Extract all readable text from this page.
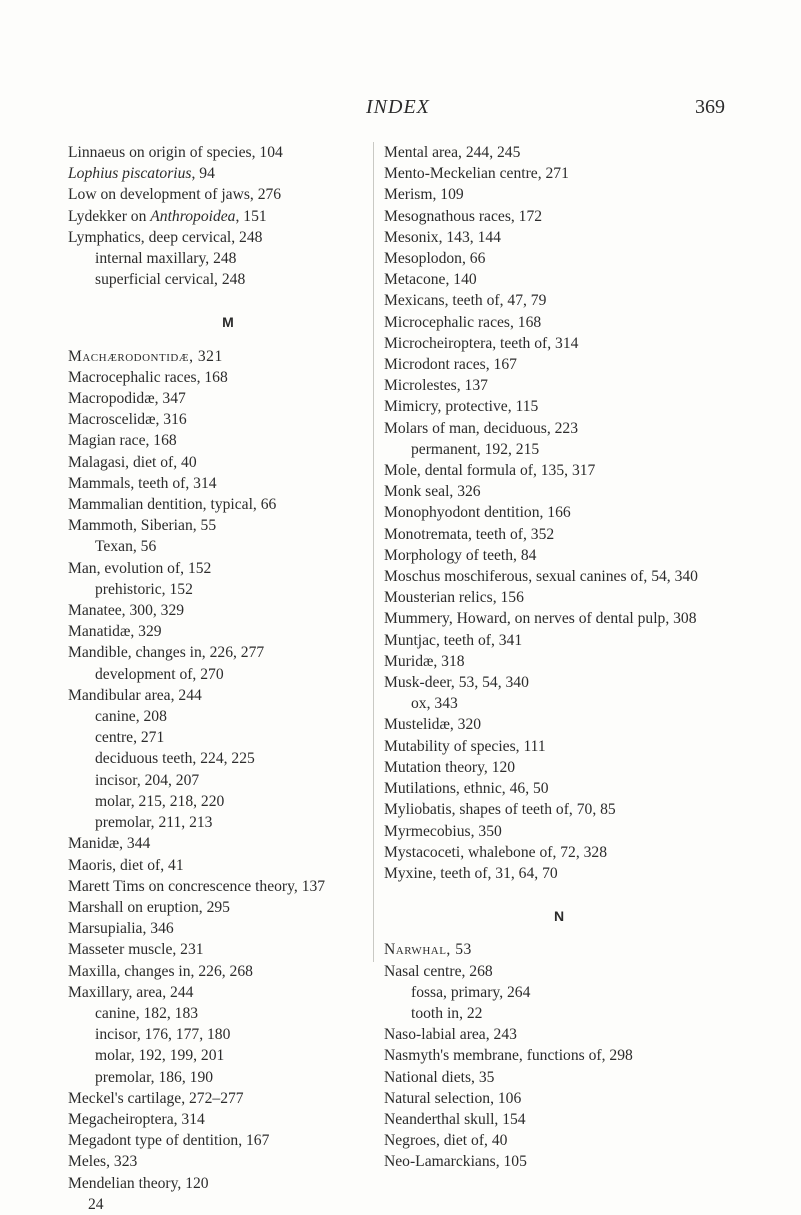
INDEX	369
Linnaeus on origin of species, 104
Lophius piscatorius, 94
Low on development of jaws, 276
Lydekker on Anthropoidea, 151
Lymphatics, deep cervical, 248
internal maxillary, 248
superficial cervical, 248
M
Machærodontidæ, 321
Macrocephalic races, 168
Macropodidæ, 347
Macroscelidæ, 316
Magian race, 168
Malagasi, diet of, 40
Mammals, teeth of, 314
Mammalian dentition, typical, 66
Mammoth, Siberian, 55
Texan, 56
Man, evolution of, 152
prehistoric, 152
Manatee, 300, 329
Manatidæ, 329
Mandible, changes in, 226, 277
development of, 270
Mandibular area, 244
canine, 208
centre, 271
deciduous teeth, 224, 225
incisor, 204, 207
molar, 215, 218, 220
premolar, 211, 213
Manidæ, 344
Maoris, diet of, 41
Marett Tims on concrescence theory, 137
Marshall on eruption, 295
Marsupialia, 346
Masseter muscle, 231
Maxilla, changes in, 226, 268
Maxillary, area, 244
canine, 182, 183
incisor, 176, 177, 180
molar, 192, 199, 201
premolar, 186, 190
Meckel's cartilage, 272–277
Megacheiroptera, 314
Megadont type of dentition, 167
Meles, 323
Mendelian theory, 120
24
Mental area, 244, 245
Mento-Meckelian centre, 271
Merism, 109
Mesognathous races, 172
Mesonix, 143, 144
Mesoplodon, 66
Metacone, 140
Mexicans, teeth of, 47, 79
Microcephalic races, 168
Microcheiroptera, teeth of, 314
Microdont races, 167
Microlestes, 137
Mimicry, protective, 115
Molars of man, deciduous, 223
permanent, 192, 215
Mole, dental formula of, 135, 317
Monk seal, 326
Monophyodont dentition, 166
Monotremata, teeth of, 352
Morphology of teeth, 84
Moschus moschiferous, sexual canines of, 54, 340
Mousterian relics, 156
Mummery, Howard, on nerves of dental pulp, 308
Muntjac, teeth of, 341
Muridæ, 318
Musk-deer, 53, 54, 340
ox, 343
Mustelidæ, 320
Mutability of species, 111
Mutation theory, 120
Mutilations, ethnic, 46, 50
Myliobatis, shapes of teeth of, 70, 85
Myrmecobius, 350
Mystacoceti, whalebone of, 72, 328
Myxine, teeth of, 31, 64, 70
N
Narwhal, 53
Nasal centre, 268
fossa, primary, 264
tooth in, 22
Naso-labial area, 243
Nasmyth's membrane, functions of, 298
National diets, 35
Natural selection, 106
Neanderthal skull, 154
Negroes, diet of, 40
Neo-Lamarckians, 105
